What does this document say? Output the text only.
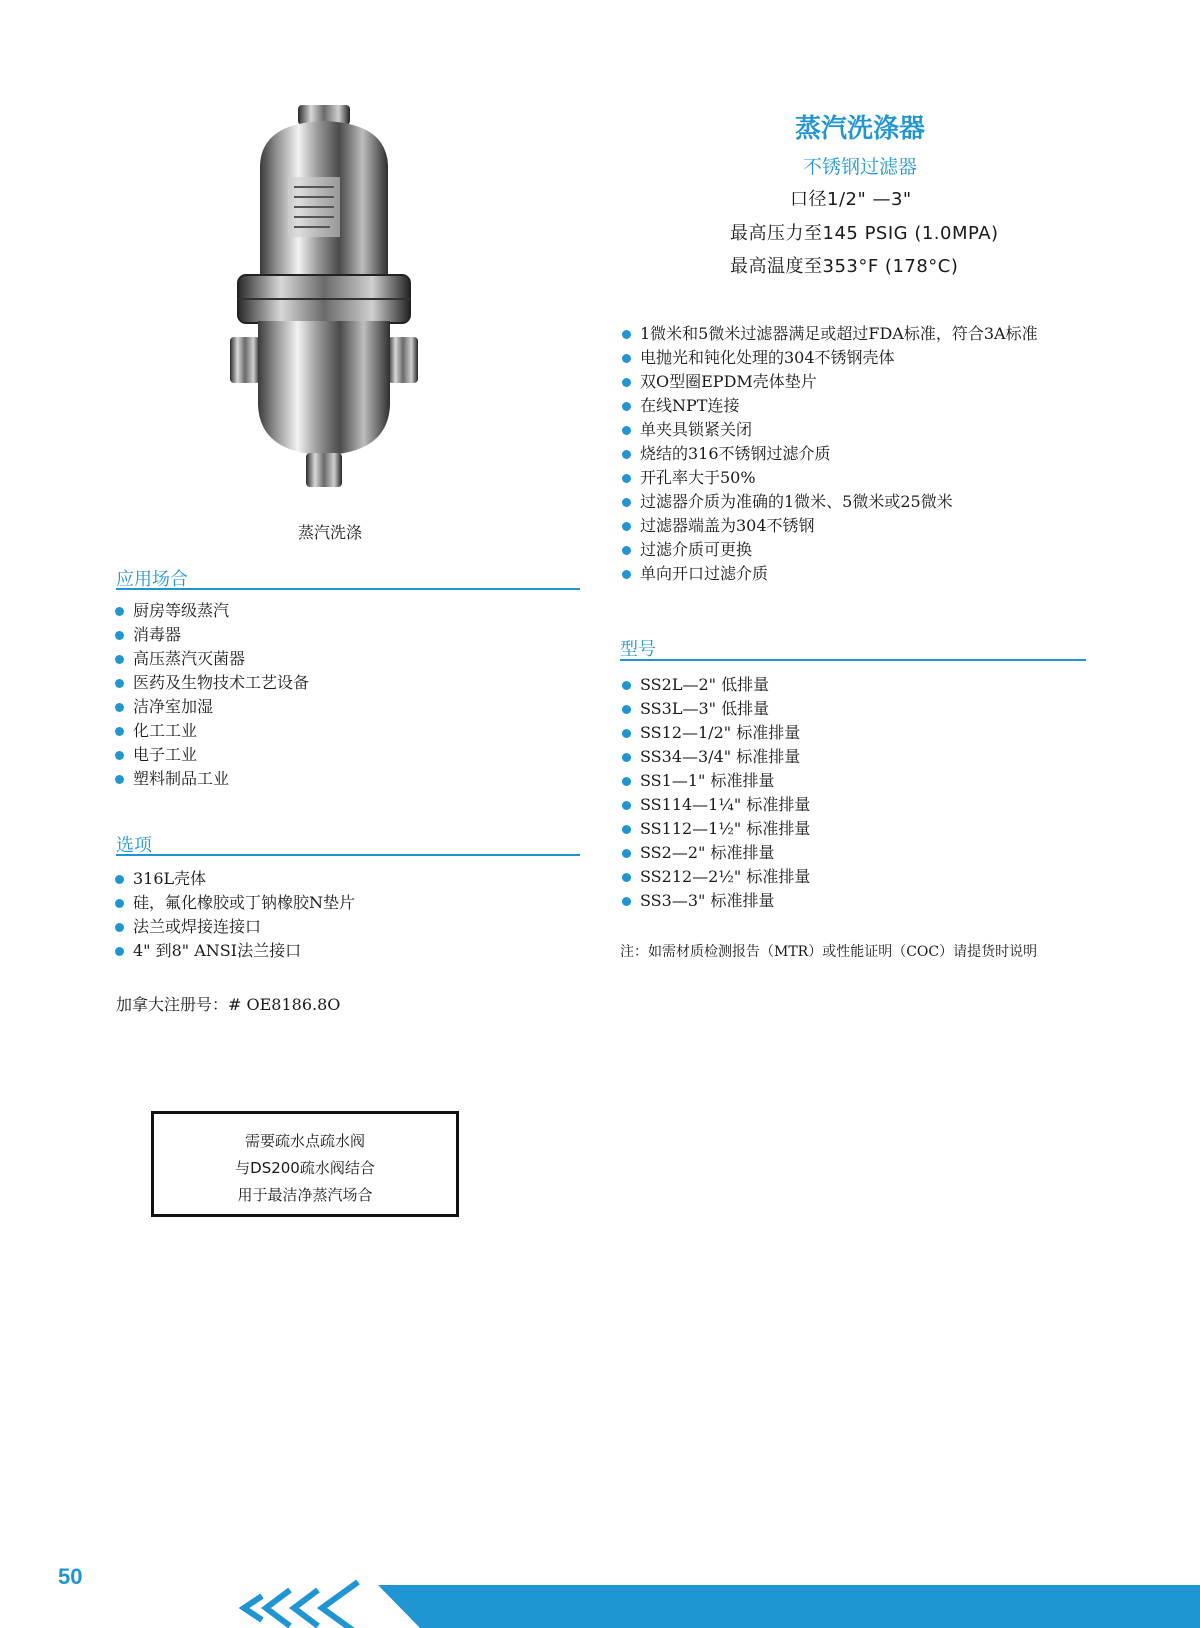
蒸汽洗涤
蒸汽洗涤器
不锈钢过滤器
口径1/2" —3"
最高压力至145 PSIG (1.0MPA)
最高温度至353°F (178°C)
1微米和5微米过滤器满足或超过FDA标准，符合3A标准
电抛光和钝化处理的304不锈钢壳体
双O型圈EPDM壳体垫片
在线NPT连接
单夹具锁紧关闭
烧结的316不锈钢过滤介质
开孔率大于50%
过滤器介质为准确的1微米、5微米或25微米
过滤器端盖为304不锈钢
过滤介质可更换
单向开口过滤介质
应用场合
厨房等级蒸汽
消毒器
高压蒸汽灭菌器
医药及生物技术工艺设备
洁净室加湿
化工工业
电子工业
塑料制品工业
选项
316L壳体
硅，氟化橡胶或丁钠橡胶N垫片
法兰或焊接连接口
4" 到8" ANSI法兰接口
加拿大注册号：# OE8186.8O
型号
SS2L—2" 低排量
SS3L—3" 低排量
SS12—1/2" 标准排量
SS34—3/4" 标准排量
SS1—1" 标准排量
SS114—1¼" 标准排量
SS112—1½" 标准排量
SS2—2" 标准排量
SS212—2½" 标准排量
SS3—3" 标准排量
注：如需材质检测报告（MTR）或性能证明（COC）请提货时说明
需要疏水点疏水阀
与DS200疏水阀结合
用于最洁净蒸汽场合
50
